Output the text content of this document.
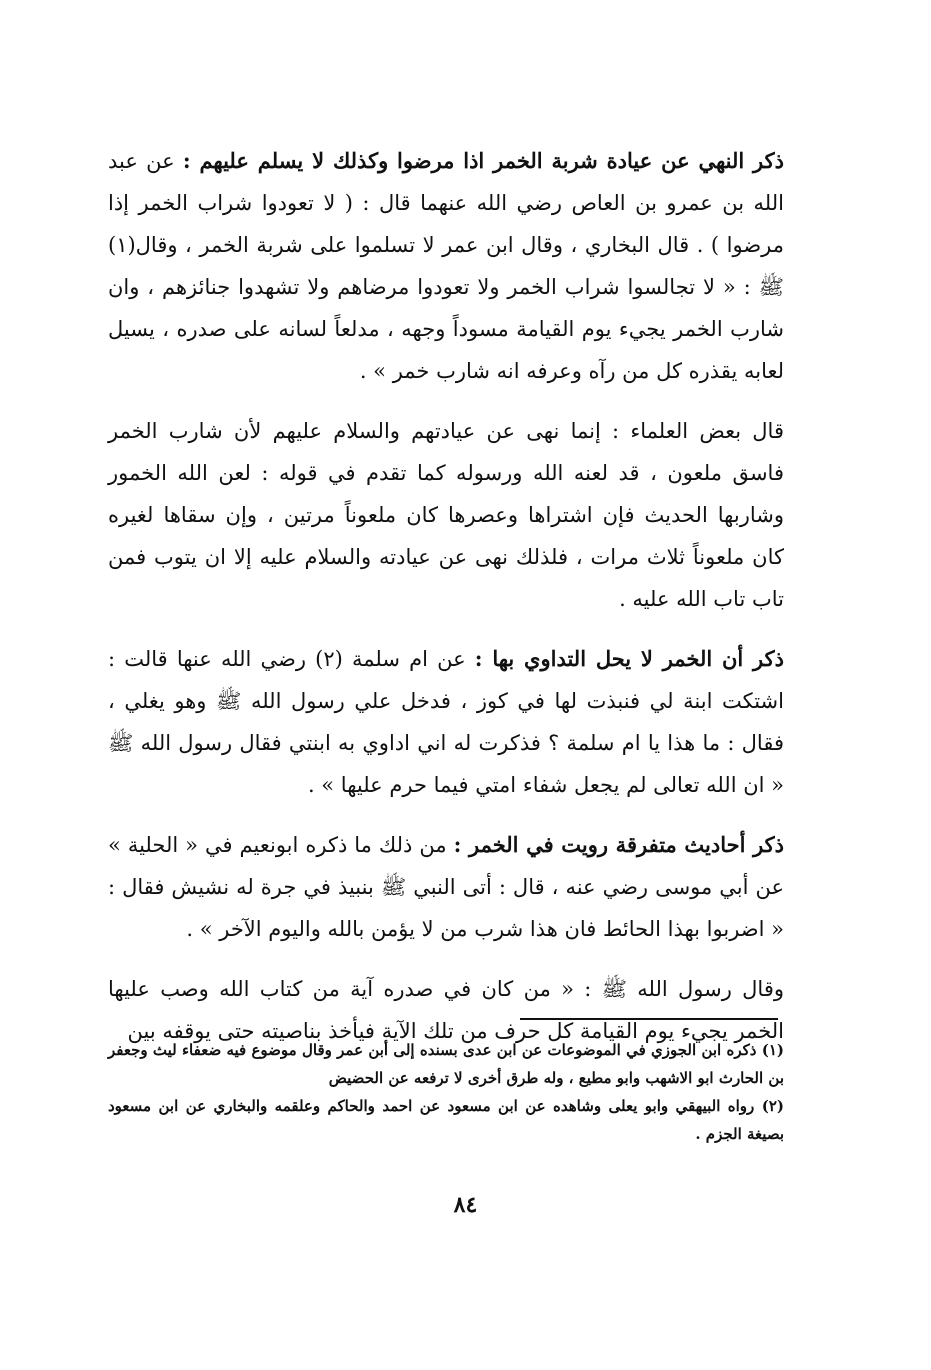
ذكر النهي عن عيادة شربة الخمر اذا مرضوا وكذلك لا يسلم عليهم : عن عبد الله بن عمرو بن العاص رضي الله عنهما قال : ( لا تعودوا شراب الخمر إذا مرضوا ) . قال البخاري ، وقال ابن عمر لا تسلموا على شربة الخمر ، وقال(١) ﷺ : « لا تجالسوا شراب الخمر ولا تعودوا مرضاهم ولا تشهدوا جنائزهم ، وان شارب الخمر يجيء يوم القيامة مسوداً وجهه ، مدلعاً لسانه على صدره ، يسيل لعابه يقذره كل من رآه وعرفه انه شارب خمر » .

قال بعض العلماء : إنما نهى عن عيادتهم والسلام عليهم لأن شارب الخمر فاسق ملعون ، قد لعنه الله ورسوله كما تقدم في قوله : لعن الله الخمور وشاربها الحديث فإن اشتراها وعصرها كان ملعوناً مرتين ، وإن سقاها لغيره كان ملعوناً ثلاث مرات ، فلذلك نهى عن عيادته والسلام عليه إلا ان يتوب فمن تاب تاب الله عليه .

ذكر أن الخمر لا يحل التداوي بها : عن ام سلمة (٢) رضي الله عنها قالت : اشتكت ابنة لي فنبذت لها في كوز ، فدخل علي رسول الله ﷺ وهو يغلي ، فقال : ما هذا يا ام سلمة ؟ فذكرت له اني اداوي به ابنتي فقال رسول الله ﷺ « ان الله تعالى لم يجعل شفاء امتي فيما حرم عليها » .

ذكر أحاديث متفرقة رويت في الخمر : من ذلك ما ذكره ابونعيم في « الحلية » عن أبي موسى رضي عنه ، قال : أتى النبي ﷺ بنبيذ في جرة له نشيش فقال : « اضربوا بهذا الحائط فان هذا شرب من لا يؤمن بالله واليوم الآخر » .

وقال رسول الله ﷺ : « من كان في صدره آية من كتاب الله وصب عليها الخمر يجيء يوم القيامة كل حرف من تلك الآية فيأخذ بناصيته حتى يوقفه بين

(١) ذكره ابن الجوزي في الموضوعات عن ابن عدى بسنده إلى أبن عمر وقال موضوع فيه ضعفاء ليث وجعفر بن الحارث ابو الاشهب وابو مطيع ، وله طرق أخرى لا ترفعه عن الحضيض

(٢) رواه البيهقي وابو يعلى وشاهده عن ابن مسعود عن احمد والحاكم وعلقمه والبخاري عن ابن مسعود بصيغة الجزم .

٨٤
